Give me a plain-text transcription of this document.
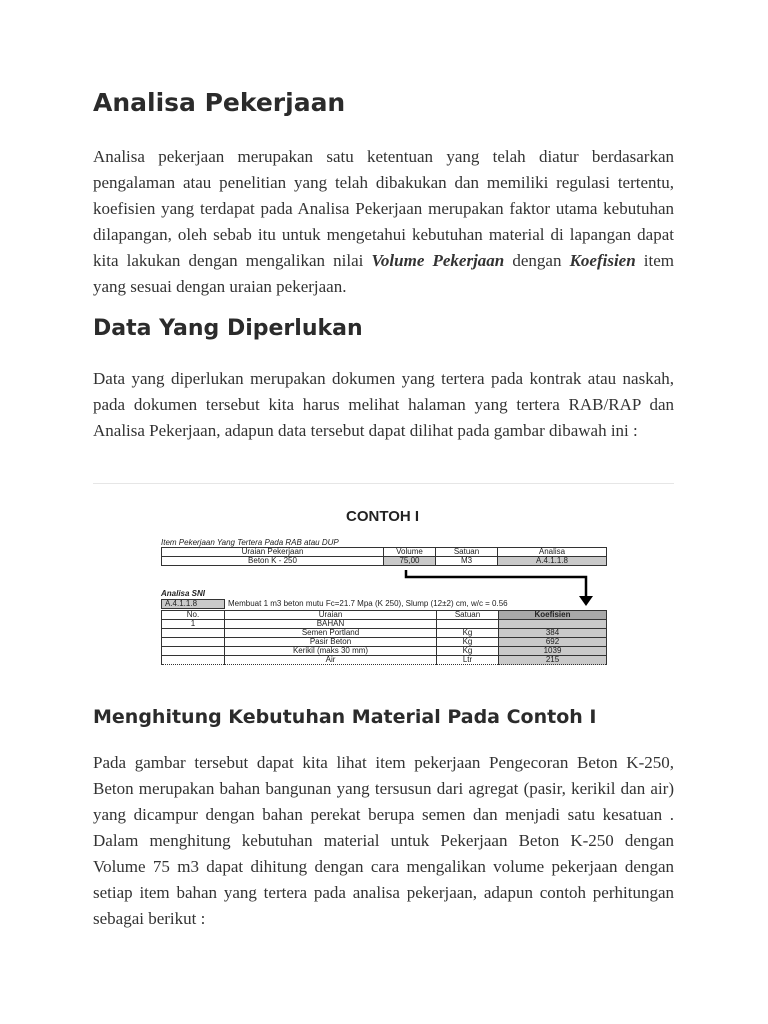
Analisa Pekerjaan

Analisa pekerjaan merupakan satu ketentuan yang telah diatur berdasarkan pengalaman atau penelitian yang telah dibakukan dan memiliki regulasi tertentu, koefisien yang terdapat pada Analisa Pekerjaan merupakan faktor utama kebutuhan dilapangan, oleh sebab itu untuk mengetahui kebutuhan material di lapangan dapat kita lakukan dengan mengalikan nilai Volume Pekerjaan dengan Koefisien item yang sesuai dengan uraian pekerjaan.

Data Yang Diperlukan

Data yang diperlukan merupakan dokumen yang tertera pada kontrak atau naskah, pada dokumen tersebut kita harus melihat halaman yang tertera RAB/RAP dan Analisa Pekerjaan, adapun data tersebut dapat dilihat pada gambar dibawah ini :

CONTOH I
Item Pekerjaan Yang Tertera Pada RAB atau DUP
Uraian Pekerjaan	Volume	Satuan	Analisa
Beton K - 250	75,00	M3	A.4.1.1.8
Analisa SNI
A.4.1.1.8	Membuat 1 m3 beton mutu Fc=21.7 Mpa (K 250), Slump (12±2) cm, w/c = 0.56
No.	Uraian	Satuan	Koefisien
1	BAHAN		
	Semen Portland	Kg	384
	Pasir Beton	Kg	692
	Kerikil (maks 30 mm)	Kg	1039
	Air	Ltr	215
Menghitung Kebutuhan Material Pada Contoh I

Pada gambar tersebut dapat kita lihat item pekerjaan Pengecoran Beton K-250, Beton merupakan bahan bangunan yang tersusun dari agregat (pasir, kerikil dan air) yang dicampur dengan bahan perekat berupa semen dan menjadi satu kesatuan . Dalam menghitung kebutuhan material untuk Pekerjaan Beton K-250 dengan Volume 75 m3 dapat dihitung dengan cara mengalikan volume pekerjaan dengan setiap item bahan yang tertera pada analisa pekerjaan, adapun contoh perhitungan sebagai berikut :
